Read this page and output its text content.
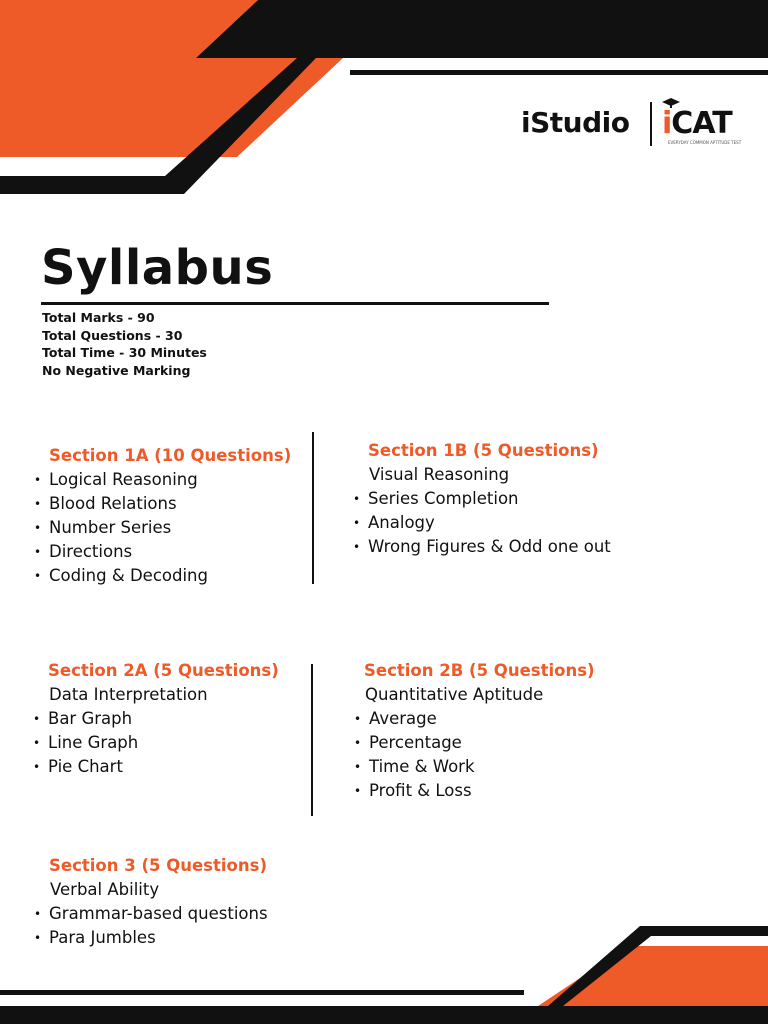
iStudio iCAT
EVERYDAY COMMON APTITUDE TEST
Syllabus
Total Marks - 90
Total Questions - 30
Total Time - 30 Minutes
No Negative Marking
Section 1A (10 Questions)
• Logical Reasoning
• Blood Relations
• Number Series
• Directions
• Coding & Decoding
Section 1B (5 Questions)
Visual Reasoning
• Series Completion
• Analogy
• Wrong Figures & Odd one out
Section 2A (5 Questions)
Data Interpretation
• Bar Graph
• Line Graph
• Pie Chart
Section 2B (5 Questions)
Quantitative Aptitude
• Average
• Percentage
• Time & Work
• Profit & Loss
Section 3 (5 Questions)
Verbal Ability
• Grammar-based questions
• Para Jumbles
